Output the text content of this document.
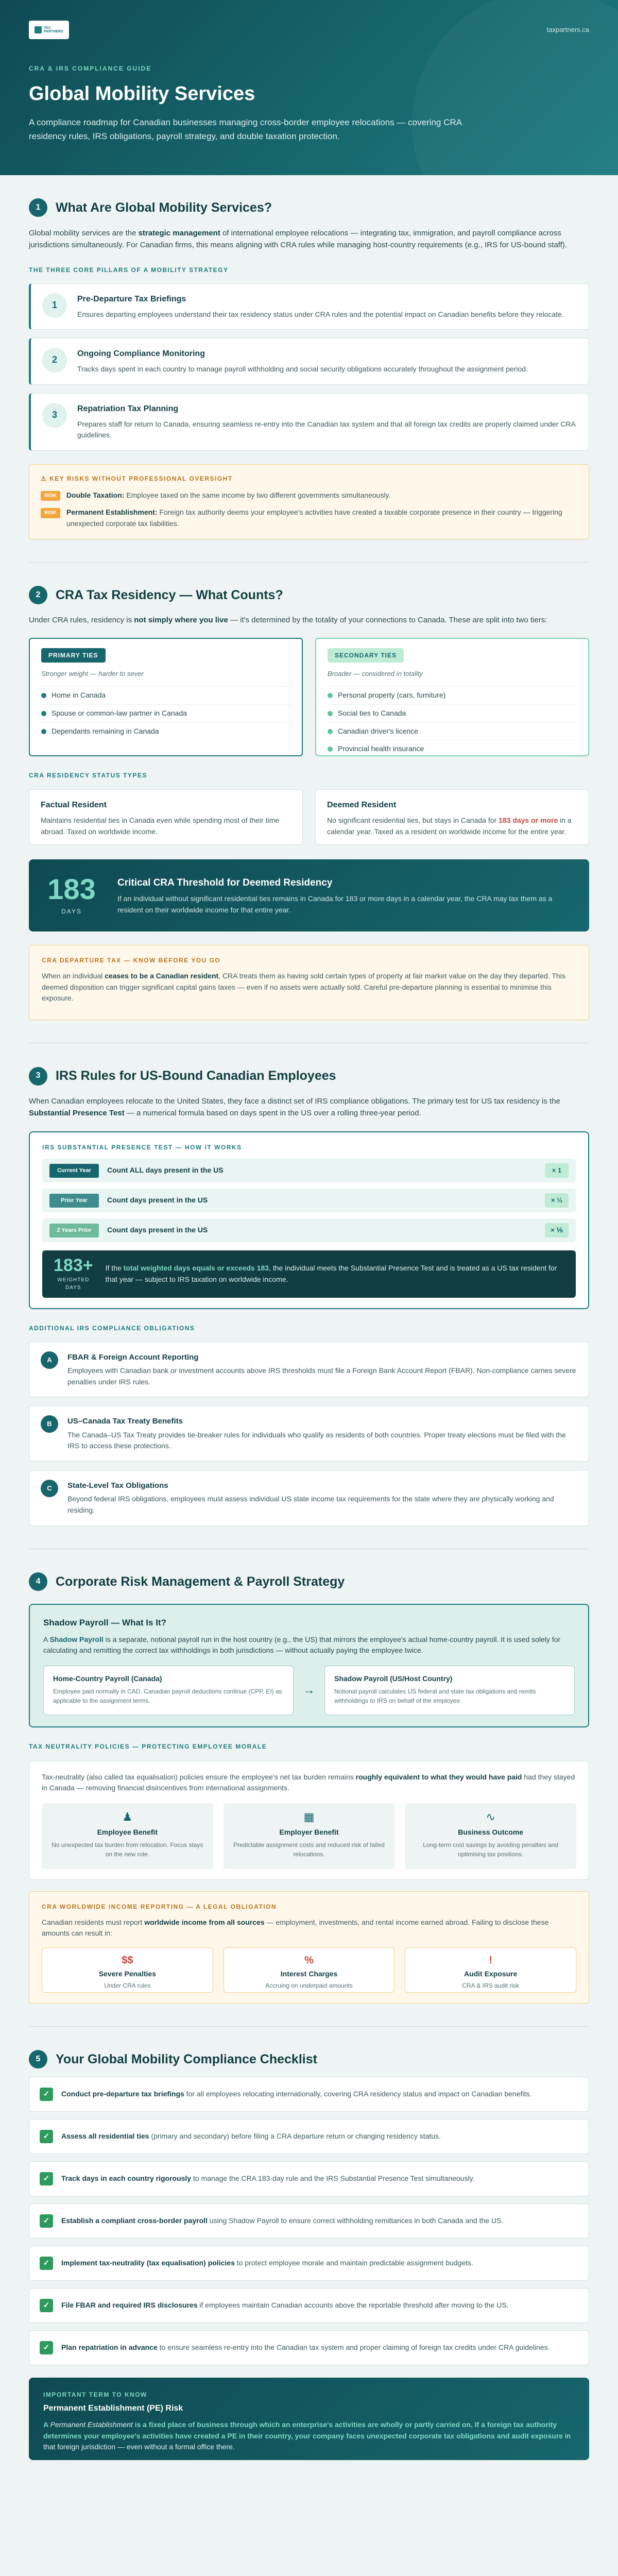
TAX
PARTNERS	taxpartners.ca
CRA & IRS COMPLIANCE GUIDE
Global Mobility Services

A compliance roadmap for Canadian businesses managing cross-border employee relocations — covering CRA residency rules, IRS obligations, payroll strategy, and double taxation protection.

1	What Are Global Mobility Services?

Global mobility services are the strategic management of international employee relocations — integrating tax, immigration, and payroll compliance across jurisdictions simultaneously. For Canadian firms, this means aligning with CRA rules while managing host-country requirements (e.g., IRS for US-bound staff).

THE THREE CORE PILLARS OF A MOBILITY STRATEGY
1
Pre-Departure Tax Briefings

Ensures departing employees understand their tax residency status under CRA rules and the potential impact on Canadian benefits before they relocate.

2
Ongoing Compliance Monitoring

Tracks days spent in each country to manage payroll withholding and social security obligations accurately throughout the assignment period.

3
Repatriation Tax Planning

Prepares staff for return to Canada, ensuring seamless re-entry into the Canadian tax system and that all foreign tax credits are properly claimed under CRA guidelines.

⚠ KEY RISKS WITHOUT PROFESSIONAL OVERSIGHT
RISK	Double Taxation: Employee taxed on the same income by two different governments simultaneously.
RISK	Permanent Establishment: Foreign tax authority deems your employee's activities have created a taxable corporate presence in their country — triggering unexpected corporate tax liabilities.
2	CRA Tax Residency — What Counts?

Under CRA rules, residency is not simply where you live — it's determined by the totality of your connections to Canada. These are split into two tiers:

PRIMARY TIES
Stronger weight — harder to sever
Home in Canada
Spouse or common-law partner in Canada
Dependants remaining in Canada
SECONDARY TIES
Broader — considered in totality
Personal property (cars, furniture)
Social ties to Canada
Canadian driver's licence
Provincial health insurance
CRA RESIDENCY STATUS TYPES
Factual Resident

Maintains residential ties in Canada even while spending most of their time abroad. Taxed on worldwide income.

Deemed Resident

No significant residential ties, but stays in Canada for 183 days or more in a calendar year. Taxed as a resident on worldwide income for the entire year.

183
DAYS
Critical CRA Threshold for Deemed Residency

If an individual without significant residential ties remains in Canada for 183 or more days in a calendar year, the CRA may tax them as a resident on their worldwide income for that entire year.

CRA DEPARTURE TAX — KNOW BEFORE YOU GO

When an individual ceases to be a Canadian resident, CRA treats them as having sold certain types of property at fair market value on the day they departed. This deemed disposition can trigger significant capital gains taxes — even if no assets were actually sold. Careful pre-departure planning is essential to minimise this exposure.

3	IRS Rules for US-Bound Canadian Employees

When Canadian employees relocate to the United States, they face a distinct set of IRS compliance obligations. The primary test for US tax residency is the Substantial Presence Test — a numerical formula based on days spent in the US over a rolling three-year period.

IRS SUBSTANTIAL PRESENCE TEST — HOW IT WORKS
Current Year	Count ALL days present in the US	× 1
Prior Year	Count days present in the US	× ⅓
2 Years Prior	Count days present in the US	× ⅙
183+
WEIGHTED DAYS

If the total weighted days equals or exceeds 183, the individual meets the Substantial Presence Test and is treated as a US tax resident for that year — subject to IRS taxation on worldwide income.

ADDITIONAL IRS COMPLIANCE OBLIGATIONS
A	FBAR & Foreign Account Reporting

Employees with Canadian bank or investment accounts above IRS thresholds must file a Foreign Bank Account Report (FBAR). Non-compliance carries severe penalties under IRS rules.

B	US–Canada Tax Treaty Benefits

The Canada–US Tax Treaty provides tie-breaker rules for individuals who qualify as residents of both countries. Proper treaty elections must be filed with the IRS to access these protections.

C	State-Level Tax Obligations

Beyond federal IRS obligations, employees must assess individual US state income tax requirements for the state where they are physically working and residing.

4	Corporate Risk Management & Payroll Strategy
Shadow Payroll — What Is It?

A Shadow Payroll is a separate, notional payroll run in the host country (e.g., the US) that mirrors the employee's actual home-country payroll. It is used solely for calculating and remitting the correct tax withholdings in both jurisdictions — without actually paying the employee twice.

Home-Country Payroll (Canada)

Employee paid normally in CAD. Canadian payroll deductions continue (CPP, EI) as applicable to the assignment terms.

→
Shadow Payroll (US/Host Country)

Notional payroll calculates US federal and state tax obligations and remits withholdings to IRS on behalf of the employee.

TAX NEUTRALITY POLICIES — PROTECTING EMPLOYEE MORALE

Tax-neutrality (also called tax equalisation) policies ensure the employee's net tax burden remains roughly equivalent to what they would have paid had they stayed in Canada — removing financial disincentives from international assignments.

♟
Employee Benefit

No unexpected tax burden from relocation. Focus stays on the new role.

▦
Employer Benefit

Predictable assignment costs and reduced risk of failed relocations.

∿
Business Outcome

Long-term cost savings by avoiding penalties and optimising tax positions.

CRA WORLDWIDE INCOME REPORTING — A LEGAL OBLIGATION

Canadian residents must report worldwide income from all sources — employment, investments, and rental income earned abroad. Failing to disclose these amounts can result in:

$$
Severe Penalties

Under CRA rules

%
Interest Charges

Accruing on underpaid amounts

!
Audit Exposure

CRA & IRS audit risk

5	Your Global Mobility Compliance Checklist
✓	Conduct pre-departure tax briefings for all employees relocating internationally, covering CRA residency status and impact on Canadian benefits.

✓	Assess all residential ties (primary and secondary) before filing a CRA departure return or changing residency status.

✓	Track days in each country rigorously to manage the CRA 183-day rule and the IRS Substantial Presence Test simultaneously.

✓	Establish a compliant cross-border payroll using Shadow Payroll to ensure correct withholding remittances in both Canada and the US.

✓	Implement tax-neutrality (tax equalisation) policies to protect employee morale and maintain predictable assignment budgets.

✓	File FBAR and required IRS disclosures if employees maintain Canadian accounts above the reportable threshold after moving to the US.

✓	Plan repatriation in advance to ensure seamless re-entry into the Canadian tax system and proper claiming of foreign tax credits under CRA guidelines.

IMPORTANT TERM TO KNOW
Permanent Establishment (PE) Risk

A Permanent Establishment is a fixed place of business through which an enterprise's activities are wholly or partly carried on. If a foreign tax authority determines your employee's activities have created a PE in their country, your company faces unexpected corporate tax obligations and audit exposure in that foreign jurisdiction — even without a formal office there.
